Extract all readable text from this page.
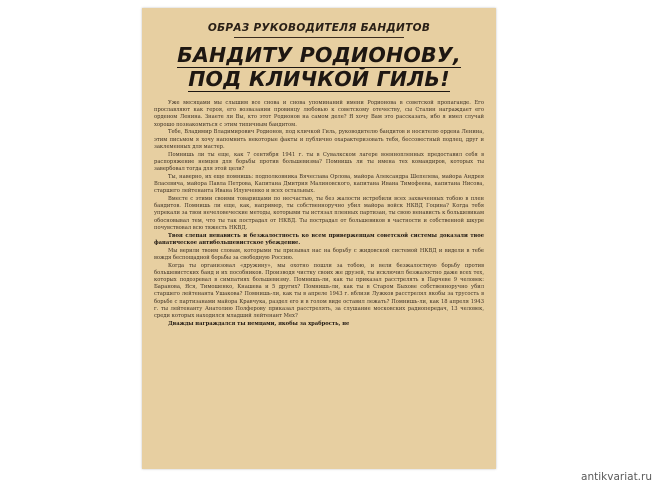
ОБРАЗ РУКОВОДИТЕЛЯ БАНДИТОВ
БАНДИТУ РОДИОНОВУ,
ПОД КЛИЧКОЙ ГИЛЬ!

Уже месяцами мы слышим все снова и снова упоминаний имени Родионова в советской пропаганде. Его прославляют как героя, его возвазании провинцу любовью к советскому отечеству, сы Сталин награждает его орденом Ленина. Знаете ли Вы, кто этот Родионов на самом деле? Я хочу Вам это рассказать, ибо я имел случай хорошо познакомиться с этим типичным бандитом.

Тебе, Владимир Владимирович Родионов, под кличкой Гиль, руководителю бандитов и носителю ордена Ленина, этим письмом я хочу напомнить некоторые факты и публично охарактеризовать тебя, бессовестный подлец, друг и заклеменных для мастер.

Помнишь ли ты еще, как 7 сентября 1941 г. ты в Сувалкском лагере военнопленных предоставил себя в распоряжение немцев для борьбы против большевизма? Помнишь ли ты имена тех командиров, которых ты завербовал тогда для этой цели?

Ты, наверно, их еще помнишь: подполковника Вячеслава Орлова, майора Александра Шепелева, майора Андрея Власевича, майора Павла Петрова, Капитана Дмитрия Малиновского, капитана Ивана Тимофеева, капитана Нисова, старшего лейтенанта Ивана Илунченко и всех остальных.

Вместе с этими своими товарищами по несчастью, ты без жалости истребили всех захваченных тобою в плен бандитов. Помнишь ли еще, как, например, ты собственноручно убил майора войск НКВД Гоцина? Когда тебя упрекали за твои нечеловеческие методы, которыми ты истязал пленных партизан, ты свою ненависть к большевикам обосновывал тем, что ты так пострадал от НКВД. Ты пострадал от большевиков в частности и собственной шкуре почувствовал всю тяжесть НКВД.

Твоя слепая ненависть и безжалостность ко всем приверженцам советской системы доказали твое фанатическое антибольшевистское убеждение.

Мы верили твоим словам, которыми ты призывал нас на борьбу с жидовской системой НКВД и видели в тебе вождя беспощадной борьбы за свободную Россию.

Когда ты организовал «дружину», мы охотно пошли за тобою, и вели безжалостную борьбу против большевистских банд и их пособников. Производя чистку своих же друзей, ты исключил безжалостно даже всех тех, которых подозревал в симпатиях большевизму. Помнишь-ли, как ты приказал расстрелять в Парчеве 9 человек: Баранова, Яся, Тимошенко, Кнашева и 5 других? Помнишь-ли, как ты в Старом Быхове собственноручно убил старшего лейтенанта Ушакова? Помнишь-ли, как ты в апреле 1943 г. вблизи Лужков расстрелял якобы за трусость в борьбе с партизанами майора Кравчука, раздел его и в голом виде оставил лежать? Помнишь-ли, как 18 апреля 1943 г. ты лейтенанту Анатолию Полферову приказал расстрелять, за слушание московских радиопередач, 13 человек, среди которых находился младший лейтенант Мех?

Дважды награждался ты немцами, якобы за храбрость, не

antikvariat.ru
